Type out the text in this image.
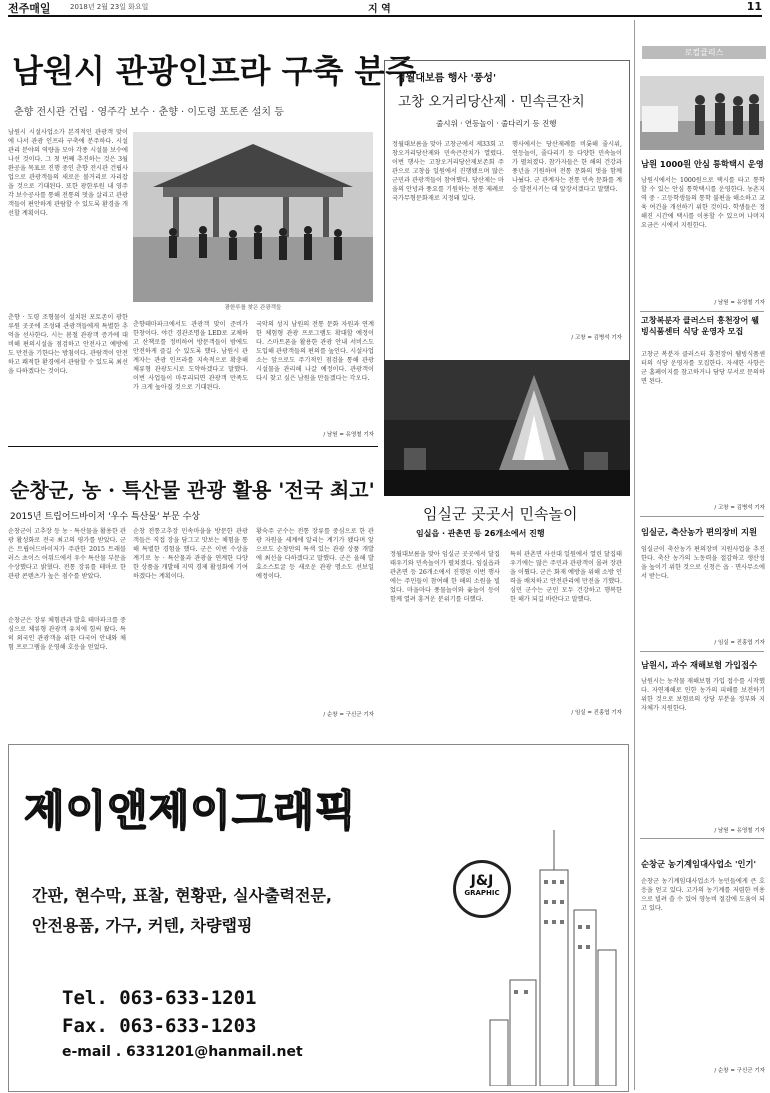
전주매일	2018년 2월 23일 화요일	지 역	11
남원시 관광인프라 구축 분주
춘향 전시관 건립 · 영주각 보수 · 춘향 · 이도령 포토존 설치 등
남원시 시설사업소가 본격적인 관광객 맞이에 나서 관광 인프라 구축에 분주하다. 시설관리 분야의 역량을 모아 각종 시설물 보수에 나선 것이다. 그 첫 번째 추진하는 것은 3월 완공을 목표로 진행 중인 춘향 전시관 건립사업으로 관광객들의 새로운 볼거리로 자리잡을 것으로 기대된다. 또한 광한루원 내 영주각 보수공사를 통해 전통의 멋을 살리고 관광객들이 편안하게 관람할 수 있도록 환경을 개선할 계획이다.
춘향 · 도령 조형물이 설치된 포토존이 광한루원 곳곳에 조성돼 관광객들에게 특별한 추억을 선사한다. 시는 봄철 관광객 증가에 대비해 편의시설을 점검하고 안전사고 예방에도 만전을 기한다는 방침이다. 관람객이 안전하고 쾌적한 환경에서 관람할 수 있도록 최선을 다하겠다는 것이다.
광한루를 찾은 관광객들
춘향테마파크에서도 관광객 맞이 준비가 한창이다. 야간 경관조명을 LED로 교체하고 산책로를 정비하여 방문객들이 밤에도 안전하게 즐길 수 있도록 했다. 남원시 관계자는 관광 인프라를 지속적으로 확충해 체류형 관광도시로 도약하겠다고 말했다. 이번 사업들이 마무리되면 관광객 만족도가 크게 높아질 것으로 기대된다.
국악의 성지 남원의 전통 문화 자원과 연계한 체험형 관광 프로그램도 확대할 예정이다. 스마트폰을 활용한 관광 안내 서비스도 도입해 관광객들의 편의를 높인다. 시설사업소는 앞으로도 주기적인 점검을 통해 관광 시설물을 관리해 나갈 예정이다. 관광객이 다시 찾고 싶은 남원을 만들겠다는 각오다.
/ 남원 = 유영철 기자
순창군, 농 · 특산물 관광 활용 '전국 최고'
2015년 트립어드바이저 '우수 특산물' 부문 수상
순창군이 고추장 등 농 · 특산물을 활용한 관광 활성화로 전국 최고의 평가를 받았다. 군은 트립어드바이저가 주관한 2015 트래블러스 초이스 어워드에서 우수 특산물 부문을 수상했다고 밝혔다. 전통 장류를 테마로 한 관광 콘텐츠가 높은 점수를 받았다.
순창군은 장류 체험관과 발효 테마파크를 중심으로 체류형 관광객 유치에 힘써 왔다. 특히 외국인 관광객을 위한 다국어 안내와 체험 프로그램을 운영해 호응을 얻었다.
순창 전통고추장 민속마을을 방문한 관광객들은 직접 장을 담그고 맛보는 체험을 통해 특별한 경험을 했다. 군은 이번 수상을 계기로 농 · 특산물과 관광을 연계한 다양한 상품을 개발해 지역 경제 활성화에 기여하겠다는 계획이다.
황숙주 군수는 전통 장류를 중심으로 한 관광 자원을 세계에 알리는 계기가 됐다며 앞으로도 순창만의 특색 있는 관광 상품 개발에 최선을 다하겠다고 말했다. 군은 올해 발효소스토굴 등 새로운 관광 명소도 선보일 예정이다.
/ 순창 = 구신군 기자
정월대보름 행사 '풍성'
고창 오거리당산제 · 민속큰잔치
줄시위 · 연등놀이 · 줄다리기 등 진행
정월대보름을 맞아 고창군에서 제33회 고창오거리당산제와 민속큰잔치가 열렸다. 이번 행사는 고창오거리당산제보존회 주관으로 고창읍 일원에서 진행됐으며 많은 군민과 관광객들이 참여했다. 당산제는 마을의 안녕과 풍요를 기원하는 전통 제례로 국가무형문화재로 지정돼 있다.
행사에서는 당산제례를 비롯해 줄시위, 연등놀이, 줄다리기 등 다양한 민속놀이가 펼쳐졌다. 참가자들은 한 해의 건강과 풍년을 기원하며 전통 문화의 멋을 함께 나눴다. 군 관계자는 전통 민속 문화를 계승 발전시키는 데 앞장서겠다고 말했다.
/ 고창 = 김병석 기자
임실군 곳곳서 민속놀이
임실읍 · 관촌면 등 26개소에서 진행
정월대보름을 맞아 임실군 곳곳에서 달집태우기와 민속놀이가 펼쳐졌다. 임실읍과 관촌면 등 26개소에서 진행된 이번 행사에는 주민들이 참여해 한 해의 소원을 빌었다. 마을마다 풍물놀이와 윷놀이 등이 함께 열려 흥겨운 분위기를 더했다.
특히 관촌면 사선대 일원에서 열린 달집태우기에는 많은 주민과 관광객이 몰려 장관을 이뤘다. 군은 화재 예방을 위해 소방 인력을 배치하고 안전관리에 만전을 기했다. 심민 군수는 군민 모두 건강하고 행복한 한 해가 되길 바란다고 말했다.
/ 임실 = 진홍엽 기자
제이앤제이그래픽
J&J
GRAPHIC
간판, 현수막, 표찰, 현황판, 실사출력전문,
안전용품, 가구, 커텐, 차량랩핑
Tel. 063-633-1201
Fax. 063-633-1203
e-mail . 6331201@hanmail.net
로컬클리스
남원 1000원 안심 통학택시 운영
남원시에서는 1000원으로 택시를 타고 통학할 수 있는 안심 통학택시를 운영한다. 농촌지역 중 · 고등학생들의 통학 불편을 해소하고 교육 여건을 개선하기 위한 것이다. 학생들은 정해진 시간에 택시를 이용할 수 있으며 나머지 요금은 시에서 지원한다.
/ 남원 = 유영철 기자
고창복분자 클러스터 흥천장어 웰빙식품센터 식당 운영자 모집
고창군 복분자 클러스터 흥천장어 웰빙식품센터의 식당 운영자를 모집한다. 자세한 사항은 군 홈페이지를 참고하거나 담당 부서로 문의하면 된다.
/ 고창 = 김병석 기자
임실군, 축산농가 편의장비 지원
임실군이 축산농가 편의장비 지원사업을 추진한다. 축산 농가의 노동력을 절감하고 생산성을 높이기 위한 것으로 신청은 읍 · 면사무소에서 받는다.
/ 임실 = 진홍엽 기자
남원시, 과수 재해보험 가입접수
남원시는 농작물 재해보험 가입 접수를 시작했다. 자연재해로 인한 농가의 피해를 보전하기 위한 것으로 보험료의 상당 부분을 정부와 지자체가 지원한다.
/ 남원 = 유영철 기자
순창군 농기계임대사업소 '인기'
순창군 농기계임대사업소가 농민들에게 큰 호응을 얻고 있다. 고가의 농기계를 저렴한 비용으로 빌려 쓸 수 있어 영농비 절감에 도움이 되고 있다.
/ 순창 = 구신군 기자
